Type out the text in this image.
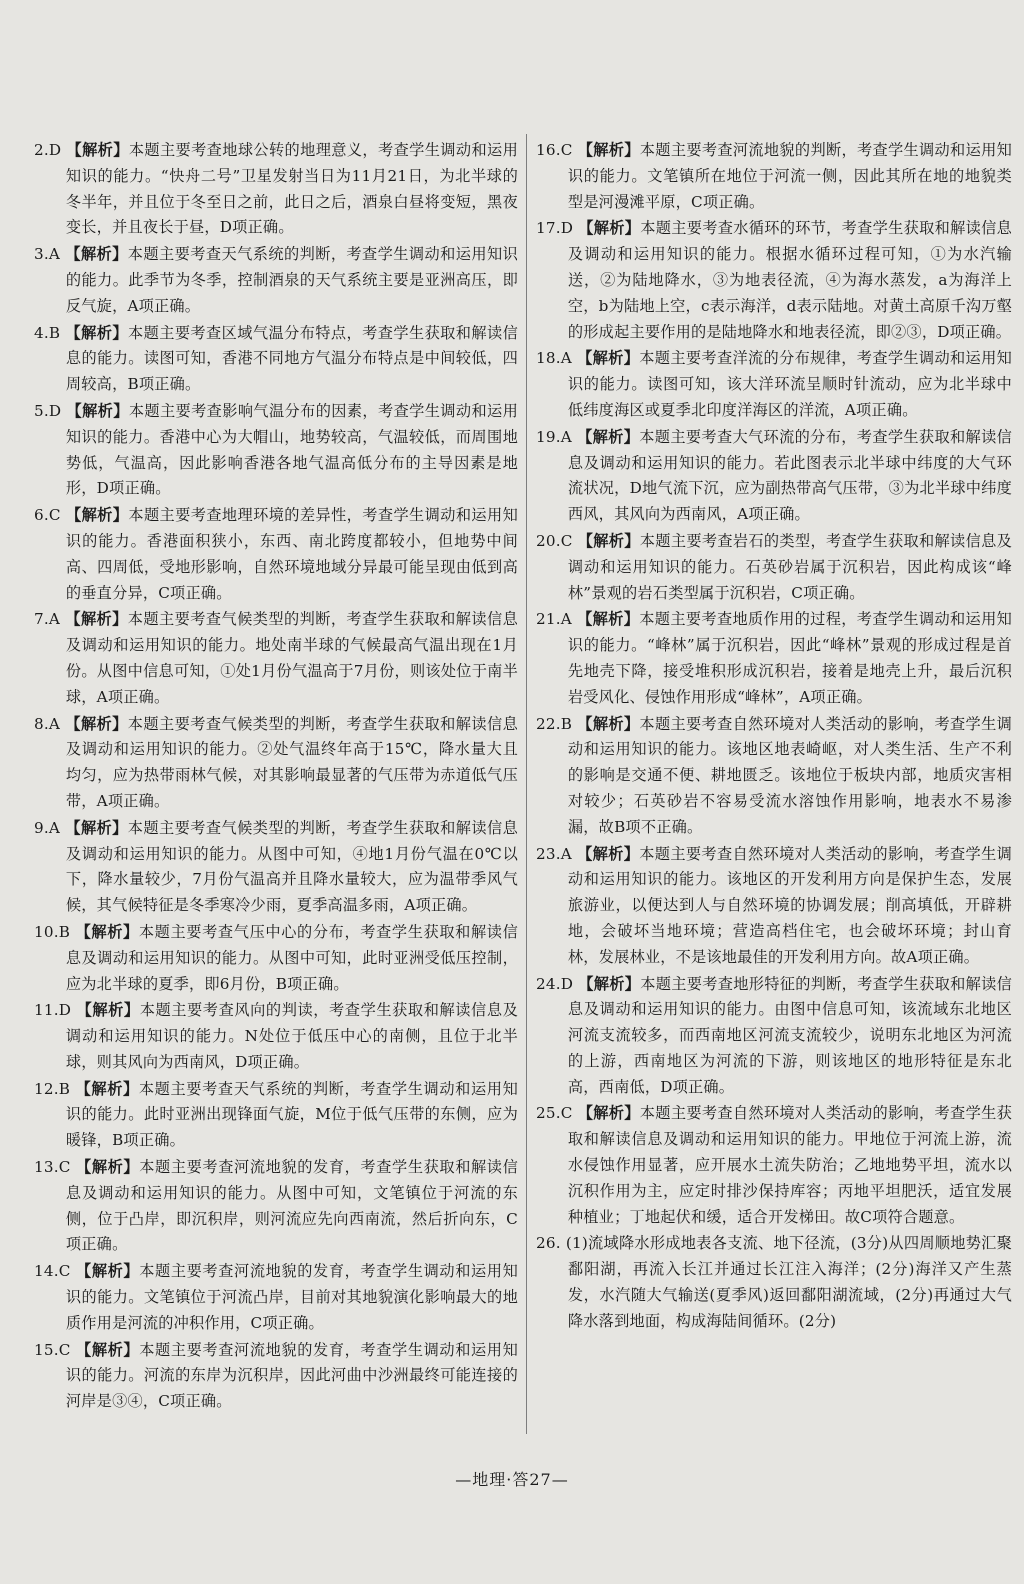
2.D 【解析】本题主要考查地球公转的地理意义，考查学生调动和运用知识的能力。“快舟二号”卫星发射当日为11月21日，为北半球的冬半年，并且位于冬至日之前，此日之后，酒泉白昼将变短，黑夜变长，并且夜长于昼，D项正确。

3.A 【解析】本题主要考查天气系统的判断，考查学生调动和运用知识的能力。此季节为冬季，控制酒泉的天气系统主要是亚洲高压，即反气旋，A项正确。

4.B 【解析】本题主要考查区域气温分布特点，考查学生获取和解读信息的能力。读图可知，香港不同地方气温分布特点是中间较低，四周较高，B项正确。

5.D 【解析】本题主要考查影响气温分布的因素，考查学生调动和运用知识的能力。香港中心为大帽山，地势较高，气温较低，而周围地势低，气温高，因此影响香港各地气温高低分布的主导因素是地形，D项正确。

6.C 【解析】本题主要考查地理环境的差异性，考查学生调动和运用知识的能力。香港面积狭小，东西、南北跨度都较小，但地势中间高、四周低，受地形影响，自然环境地域分异最可能呈现由低到高的垂直分异，C项正确。

7.A 【解析】本题主要考查气候类型的判断，考查学生获取和解读信息及调动和运用知识的能力。地处南半球的气候最高气温出现在1月份。从图中信息可知，①处1月份气温高于7月份，则该处位于南半球，A项正确。

8.A 【解析】本题主要考查气候类型的判断，考查学生获取和解读信息及调动和运用知识的能力。②处气温终年高于15℃，降水量大且均匀，应为热带雨林气候，对其影响最显著的气压带为赤道低气压带，A项正确。

9.A 【解析】本题主要考查气候类型的判断，考查学生获取和解读信息及调动和运用知识的能力。从图中可知，④地1月份气温在0℃以下，降水量较少，7月份气温高并且降水量较大，应为温带季风气候，其气候特征是冬季寒冷少雨，夏季高温多雨，A项正确。

10.B 【解析】本题主要考查气压中心的分布，考查学生获取和解读信息及调动和运用知识的能力。从图中可知，此时亚洲受低压控制，应为北半球的夏季，即6月份，B项正确。

11.D 【解析】本题主要考查风向的判读，考查学生获取和解读信息及调动和运用知识的能力。N处位于低压中心的南侧，且位于北半球，则其风向为西南风，D项正确。

12.B 【解析】本题主要考查天气系统的判断，考查学生调动和运用知识的能力。此时亚洲出现锋面气旋，M位于低气压带的东侧，应为暖锋，B项正确。

13.C 【解析】本题主要考查河流地貌的发育，考查学生获取和解读信息及调动和运用知识的能力。从图中可知，文笔镇位于河流的东侧，位于凸岸，即沉积岸，则河流应先向西南流，然后折向东，C项正确。

14.C 【解析】本题主要考查河流地貌的发育，考查学生调动和运用知识的能力。文笔镇位于河流凸岸，目前对其地貌演化影响最大的地质作用是河流的冲积作用，C项正确。

15.C 【解析】本题主要考查河流地貌的发育，考查学生调动和运用知识的能力。河流的东岸为沉积岸，因此河曲中沙洲最终可能连接的河岸是③④，C项正确。

16.C 【解析】本题主要考查河流地貌的判断，考查学生调动和运用知识的能力。文笔镇所在地位于河流一侧，因此其所在地的地貌类型是河漫滩平原，C项正确。

17.D 【解析】本题主要考查水循环的环节，考查学生获取和解读信息及调动和运用知识的能力。根据水循环过程可知，①为水汽输送，②为陆地降水，③为地表径流，④为海水蒸发，a为海洋上空，b为陆地上空，c表示海洋，d表示陆地。对黄土高原千沟万壑的形成起主要作用的是陆地降水和地表径流，即②③，D项正确。

18.A 【解析】本题主要考查洋流的分布规律，考查学生调动和运用知识的能力。读图可知，该大洋环流呈顺时针流动，应为北半球中低纬度海区或夏季北印度洋海区的洋流，A项正确。

19.A 【解析】本题主要考查大气环流的分布，考查学生获取和解读信息及调动和运用知识的能力。若此图表示北半球中纬度的大气环流状况，D地气流下沉，应为副热带高气压带，③为北半球中纬度西风，其风向为西南风，A项正确。

20.C 【解析】本题主要考查岩石的类型，考查学生获取和解读信息及调动和运用知识的能力。石英砂岩属于沉积岩，因此构成该“峰林”景观的岩石类型属于沉积岩，C项正确。

21.A 【解析】本题主要考查地质作用的过程，考查学生调动和运用知识的能力。“峰林”属于沉积岩，因此“峰林”景观的形成过程是首先地壳下降，接受堆积形成沉积岩，接着是地壳上升，最后沉积岩受风化、侵蚀作用形成“峰林”，A项正确。

22.B 【解析】本题主要考查自然环境对人类活动的影响，考查学生调动和运用知识的能力。该地区地表崎岖，对人类生活、生产不利的影响是交通不便、耕地匮乏。该地位于板块内部，地质灾害相对较少；石英砂岩不容易受流水溶蚀作用影响，地表水不易渗漏，故B项不正确。

23.A 【解析】本题主要考查自然环境对人类活动的影响，考查学生调动和运用知识的能力。该地区的开发利用方向是保护生态，发展旅游业，以便达到人与自然环境的协调发展；削高填低，开辟耕地，会破坏当地环境；营造高档住宅，也会破坏环境；封山育林，发展林业，不是该地最佳的开发利用方向。故A项正确。

24.D 【解析】本题主要考查地形特征的判断，考查学生获取和解读信息及调动和运用知识的能力。由图中信息可知，该流域东北地区河流支流较多，而西南地区河流支流较少，说明东北地区为河流的上游，西南地区为河流的下游，则该地区的地形特征是东北高，西南低，D项正确。

25.C 【解析】本题主要考查自然环境对人类活动的影响，考查学生获取和解读信息及调动和运用知识的能力。甲地位于河流上游，流水侵蚀作用显著，应开展水土流失防治；乙地地势平坦，流水以沉积作用为主，应定时排沙保持库容；丙地平坦肥沃，适宜发展种植业；丁地起伏和缓，适合开发梯田。故C项符合题意。

26. (1)流域降水形成地表各支流、地下径流，(3分)从四周顺地势汇聚鄱阳湖，再流入长江并通过长江注入海洋；(2分)海洋又产生蒸发，水汽随大气输送(夏季风)返回鄱阳湖流域，(2分)再通过大气降水落到地面，构成海陆间循环。(2分)

—地理·答27—
